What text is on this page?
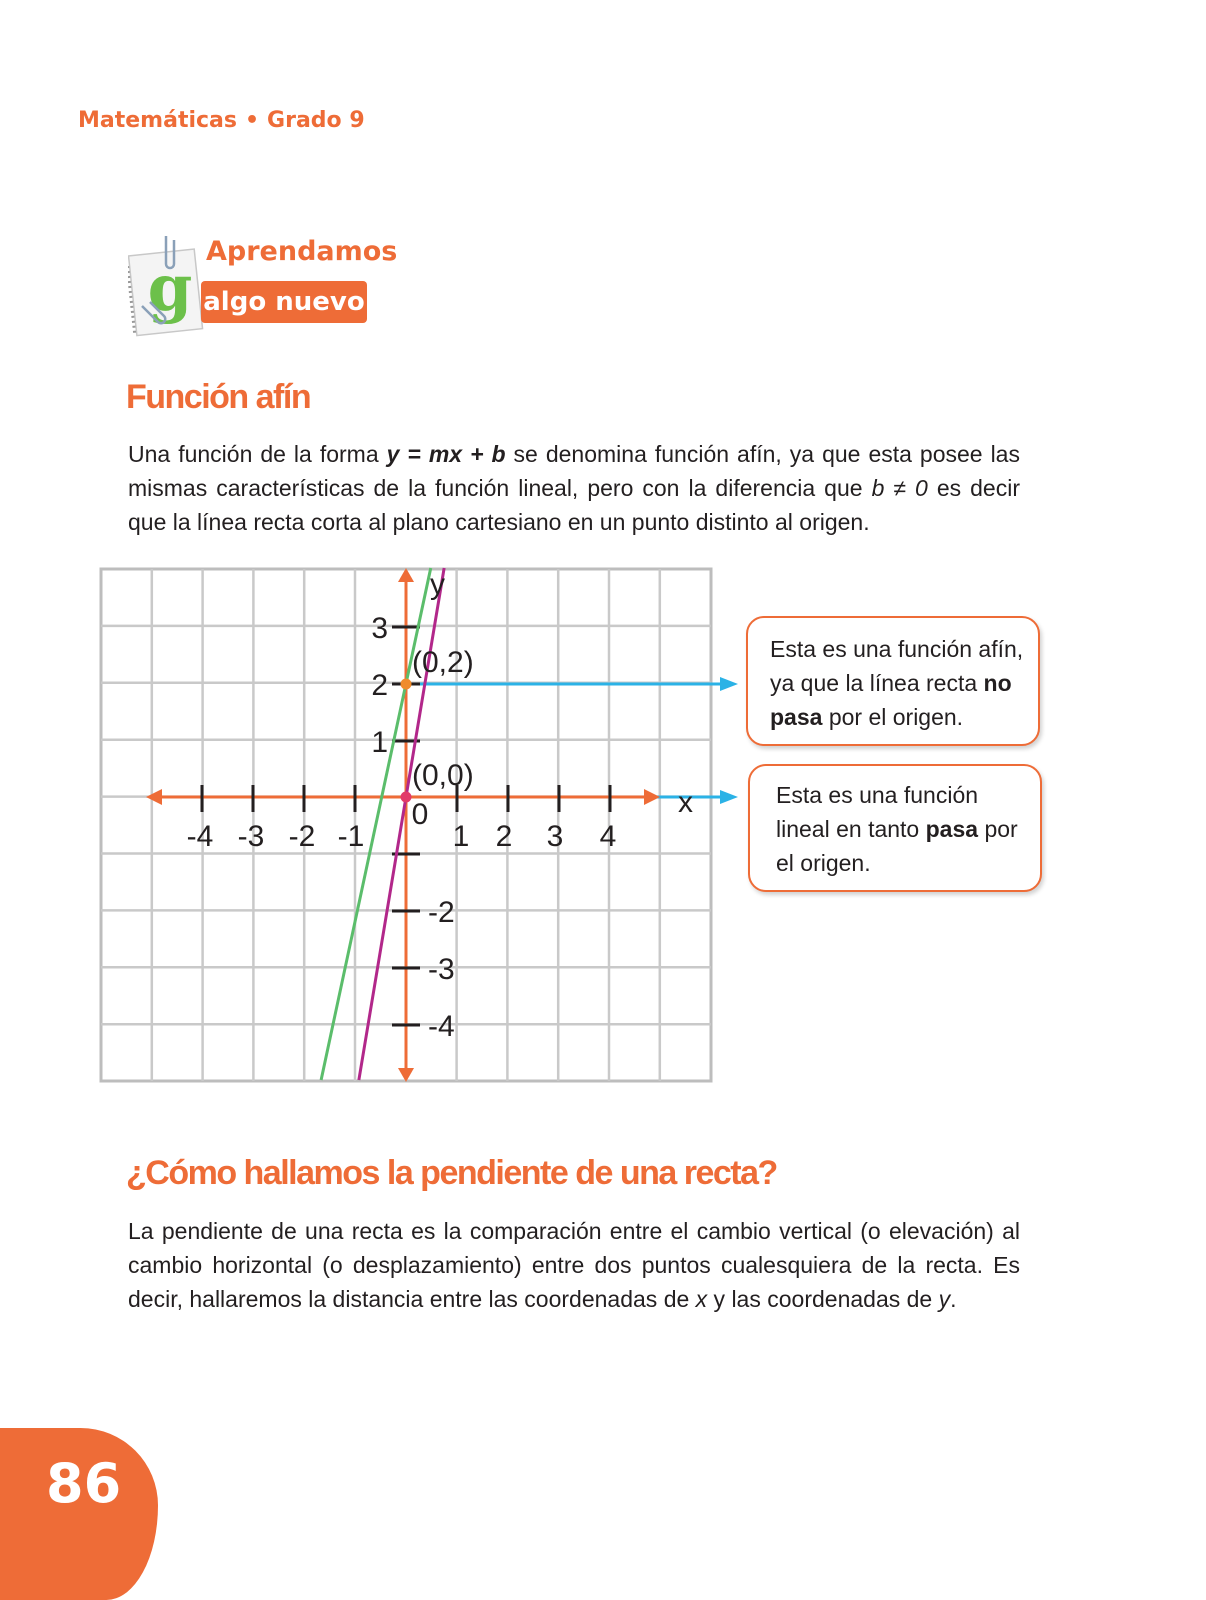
Matemáticas • Grado 9
g Aprendamos
algo nuevo
Función afín

Una función de la forma y = mx + b se denomina función afín, ya que esta posee las mismas características de la función lineal, pero con la diferencia que b ≠ 0 es decir que la línea recta corta al plano cartesiano en un punto distinto al origen.

-4 -3 -2 -1
0
1 2 3 4
3
2
1
-2
-3
-4
x
y
(0,2)
(0,0)
Esta es una función afín, ya que la línea recta no pasa por el origen.
Esta es una función lineal en tanto pasa por el origen.
¿Cómo hallamos la pendiente de una recta?

La pendiente de una recta es la comparación entre el cambio vertical (o elevación) al cambio horizontal (o desplazamiento) entre dos puntos cualesquiera de la recta. Es decir, hallaremos la distancia entre las coordenadas de x y las coordenadas de y.

86
